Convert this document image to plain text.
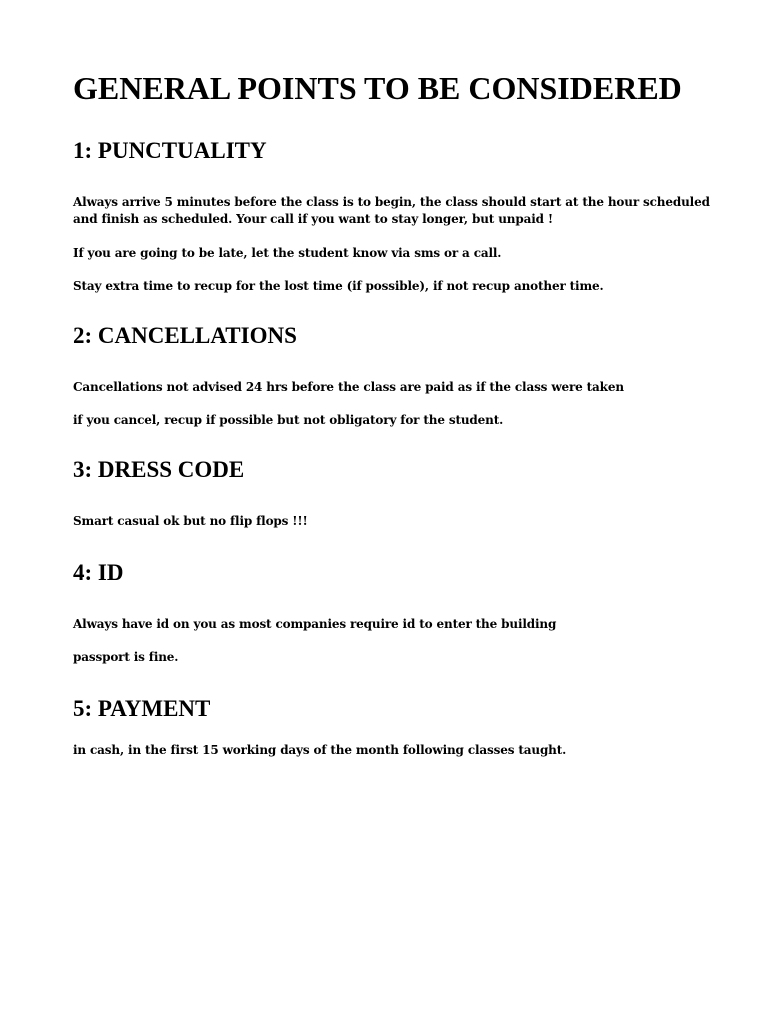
GENERAL POINTS TO BE CONSIDERED
1: PUNCTUALITY

Always arrive 5 minutes before the class is to begin, the class should start at the hour scheduled and finish as scheduled. Your call if you want to stay longer, but unpaid !

If you are going to be late, let the student know via sms or a call.

Stay extra time to recup for the lost time (if possible), if not recup another time.

2: CANCELLATIONS

Cancellations not advised 24 hrs before the class are paid as if the class were taken

if you cancel, recup if possible but not obligatory for the student.

3: DRESS CODE

Smart casual ok but no flip flops !!!

4: ID

Always have id on you as most companies require id to enter the building

passport is fine.

5: PAYMENT

in cash, in the first 15 working days of the month following classes taught.
